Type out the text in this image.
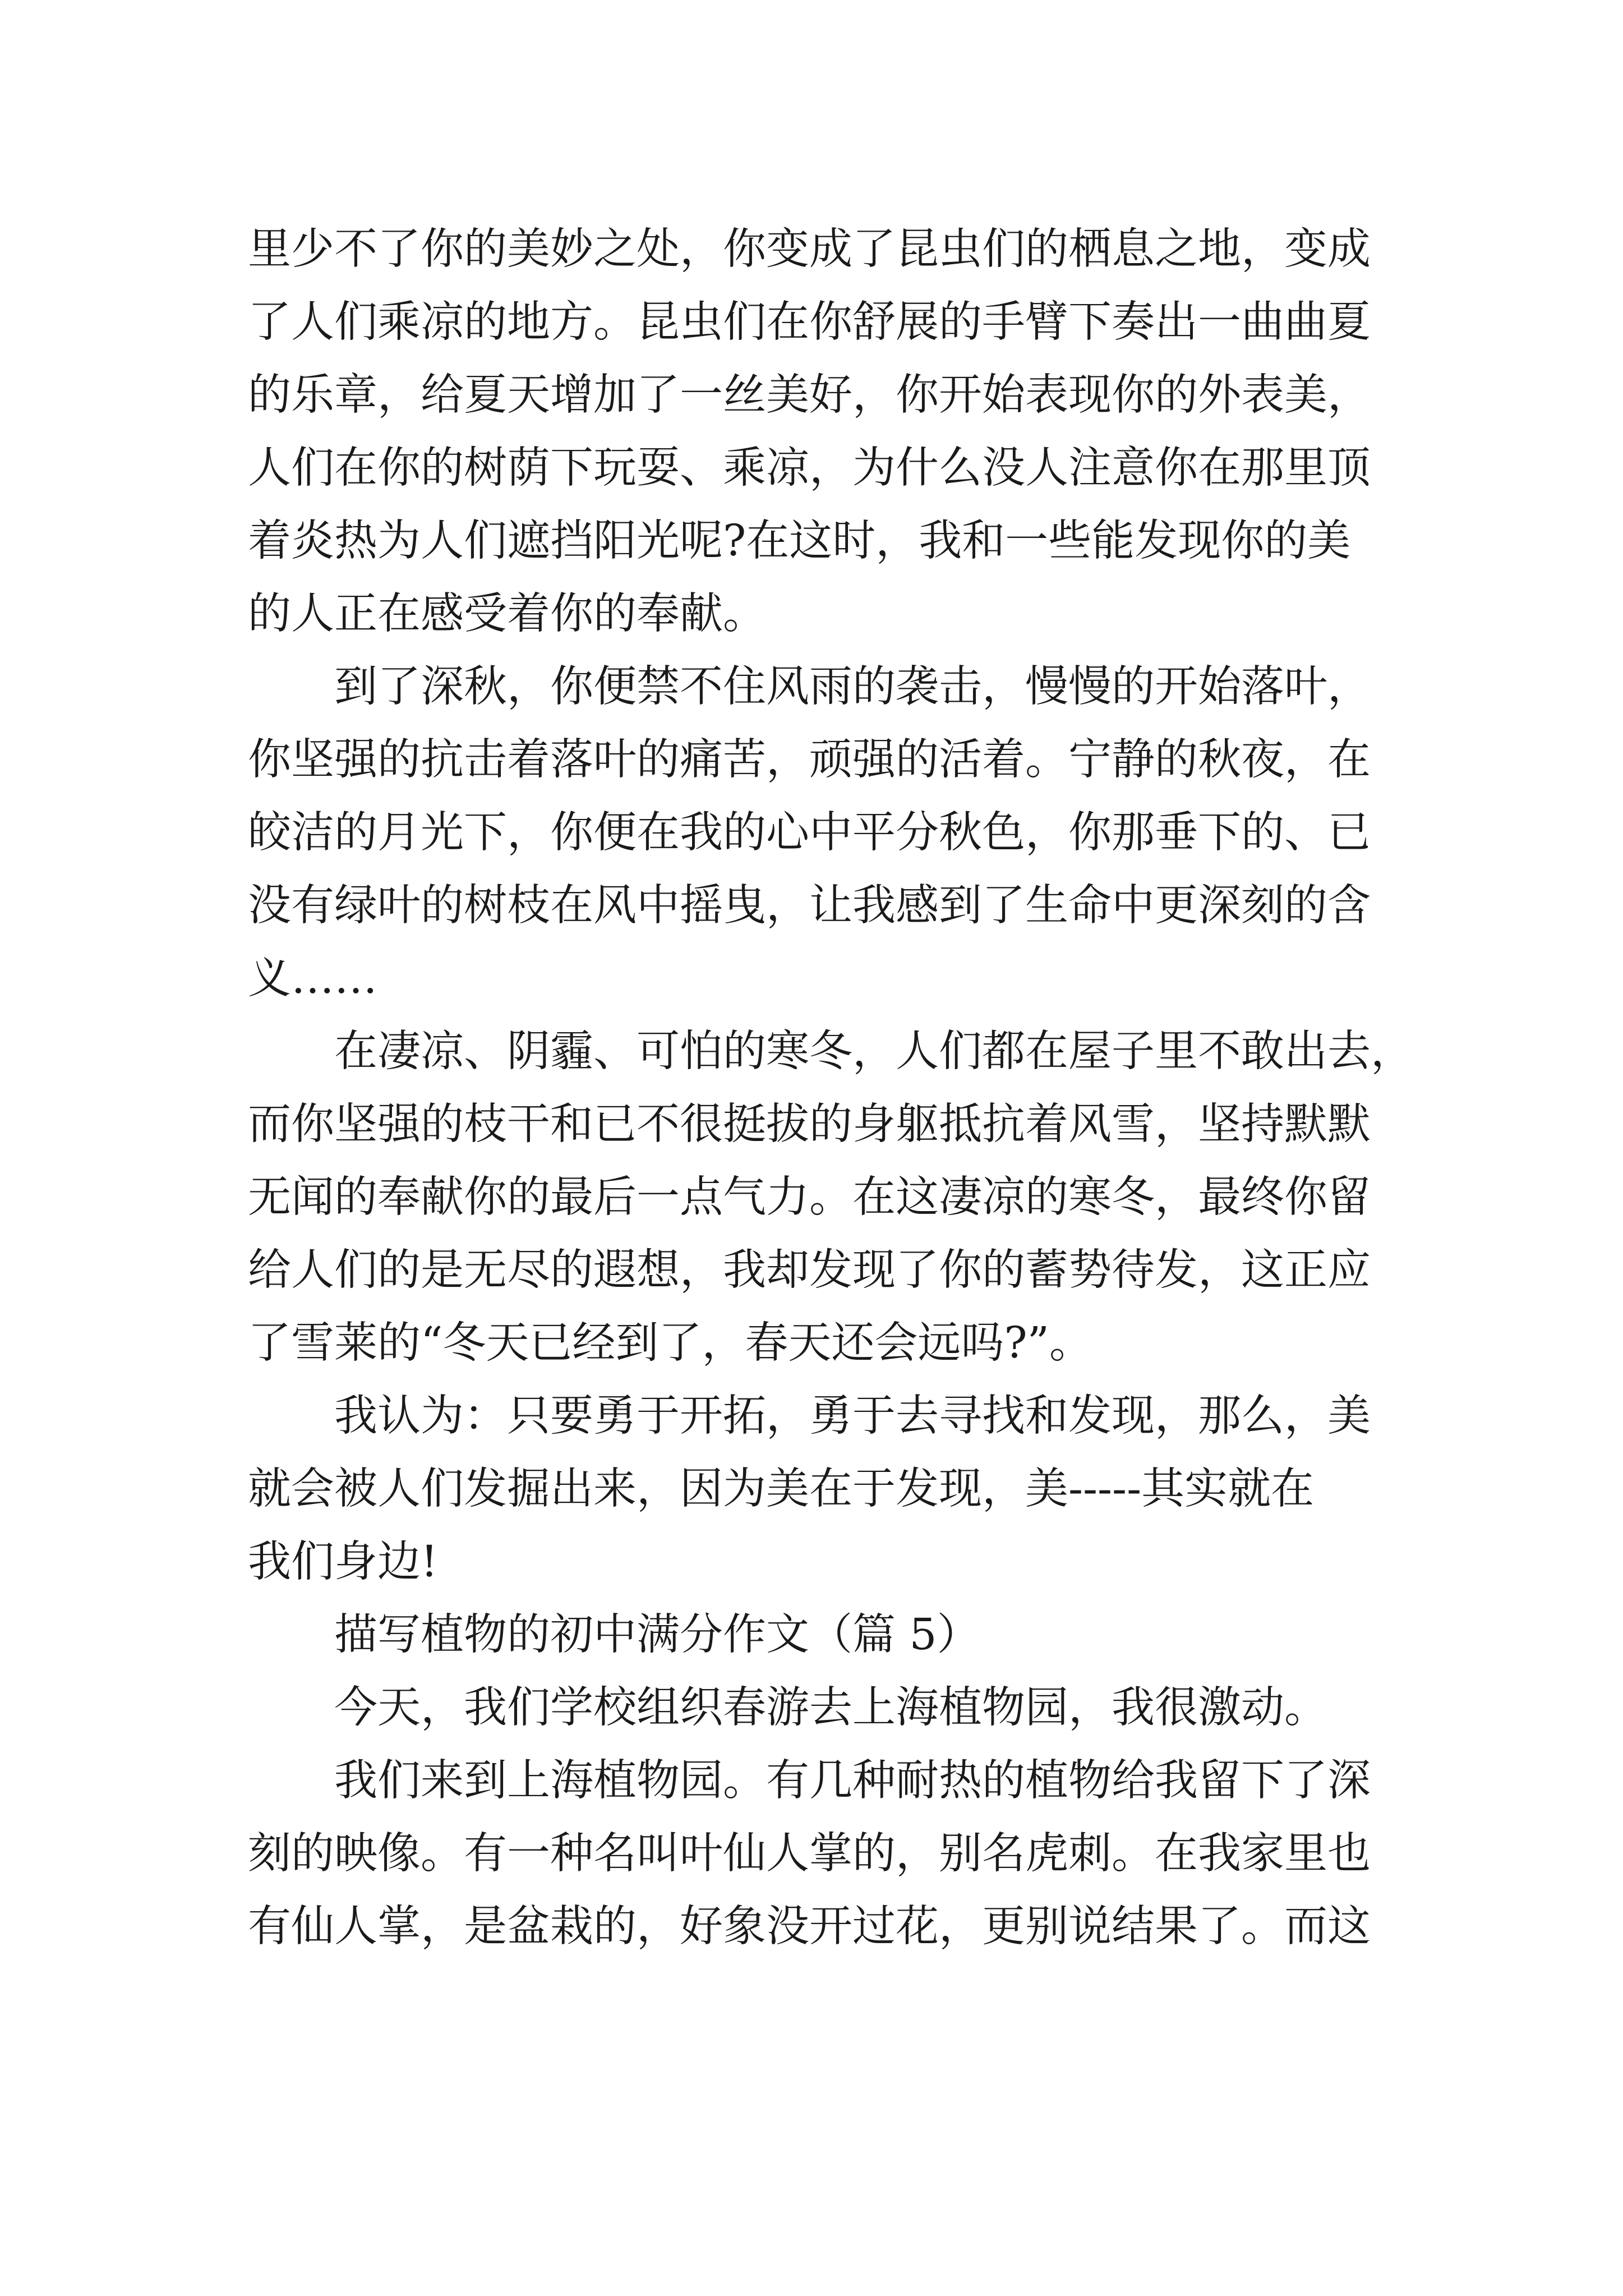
里少不了你的美妙之处，你变成了昆虫们的栖息之地，变成
了人们乘凉的地方。昆虫们在你舒展的手臂下奏出一曲曲夏
的乐章，给夏天增加了一丝美好，你开始表现你的外表美，
人们在你的树荫下玩耍、乘凉，为什么没人注意你在那里顶
着炎热为人们遮挡阳光呢?在这时，我和一些能发现你的美
的人正在感受着你的奉献。

到了深秋，你便禁不住风雨的袭击，慢慢的开始落叶，
你坚强的抗击着落叶的痛苦，顽强的活着。宁静的秋夜，在
皎洁的月光下，你便在我的心中平分秋色，你那垂下的、已
没有绿叶的树枝在风中摇曳，让我感到了生命中更深刻的含
义……

在凄凉、阴霾、可怕的寒冬，人们都在屋子里不敢出去，
而你坚强的枝干和已不很挺拔的身躯抵抗着风雪，坚持默默
无闻的奉献你的最后一点气力。在这凄凉的寒冬，最终你留
给人们的是无尽的遐想，我却发现了你的蓄势待发，这正应
了雪莱的“冬天已经到了，春天还会远吗?”。

我认为：只要勇于开拓，勇于去寻找和发现，那么，美
就会被人们发掘出来，因为美在于发现，美-----其实就在
我们身边!

描写植物的初中满分作文（篇 5）

今天，我们学校组织春游去上海植物园，我很激动。

我们来到上海植物园。有几种耐热的植物给我留下了深
刻的映像。有一种名叫叶仙人掌的，别名虎刺。在我家里也
有仙人掌，是盆栽的，好象没开过花，更别说结果了。而这
